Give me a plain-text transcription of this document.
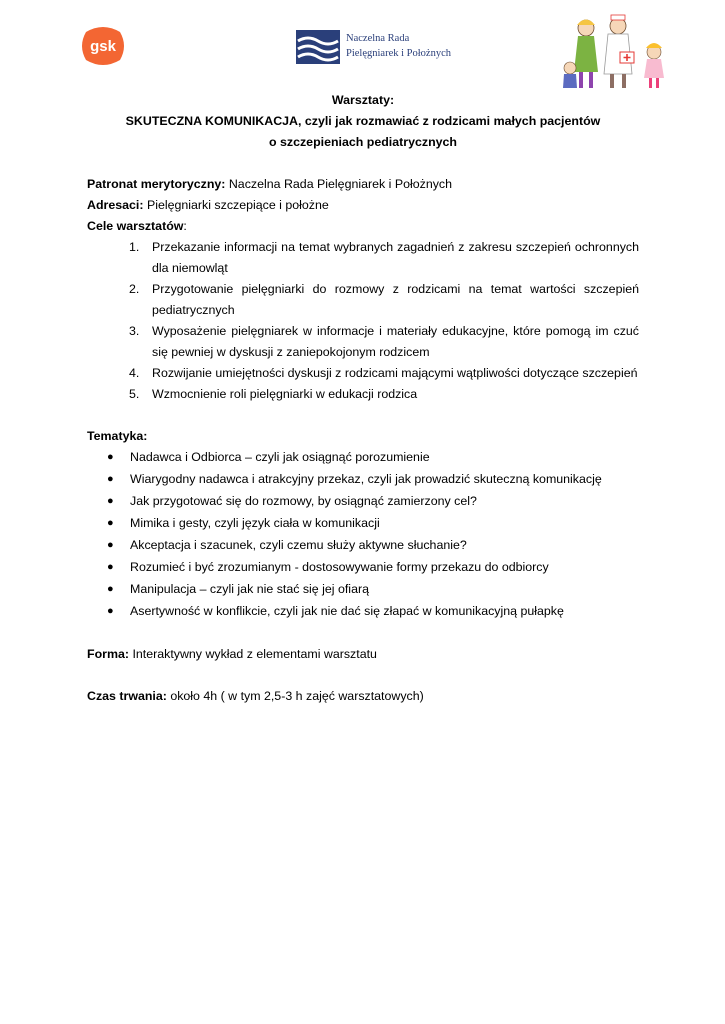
gsk	Naczelna Rada
Pielęgniarek i Położnych
Warsztaty:
SKUTECZNA KOMUNIKACJA, czyli jak rozmawiać z rodzicami małych pacjentów
o szczepieniach pediatrycznych
Patronat merytoryczny: Naczelna Rada Pielęgniarek i Położnych
Adresaci: Pielęgniarki szczepiące i położne
Cele warsztatów:
1. Przekazanie informacji na temat wybranych zagadnień z zakresu szczepień ochronnych dla niemowląt
2. Przygotowanie pielęgniarki do rozmowy z rodzicami na temat wartości szczepień pediatrycznych
3. Wyposażenie pielęgniarek w informacje i materiały edukacyjne, które pomogą im czuć się pewniej w dyskusji z zaniepokojonym rodzicem
4. Rozwijanie umiejętności dyskusji z rodzicami mającymi wątpliwości dotyczące szczepień
5. Wzmocnienie roli pielęgniarki w edukacji rodzica
Tematyka:
● Nadawca i Odbiorca – czyli jak osiągnąć porozumienie
● Wiarygodny nadawca i atrakcyjny przekaz, czyli jak prowadzić skuteczną komunikację
● Jak przygotować się do rozmowy, by osiągnąć zamierzony cel?
● Mimika i gesty, czyli język ciała w komunikacji
● Akceptacja i szacunek, czyli czemu służy aktywne słuchanie?
● Rozumieć i być zrozumianym - dostosowywanie formy przekazu do odbiorcy
● Manipulacja – czyli jak nie stać się jej ofiarą
● Asertywność w konflikcie, czyli jak nie dać się złapać w komunikacyjną pułapkę
Forma: Interaktywny wykład z elementami warsztatu
Czas trwania: około 4h ( w tym 2,5-3 h zajęć warsztatowych)
